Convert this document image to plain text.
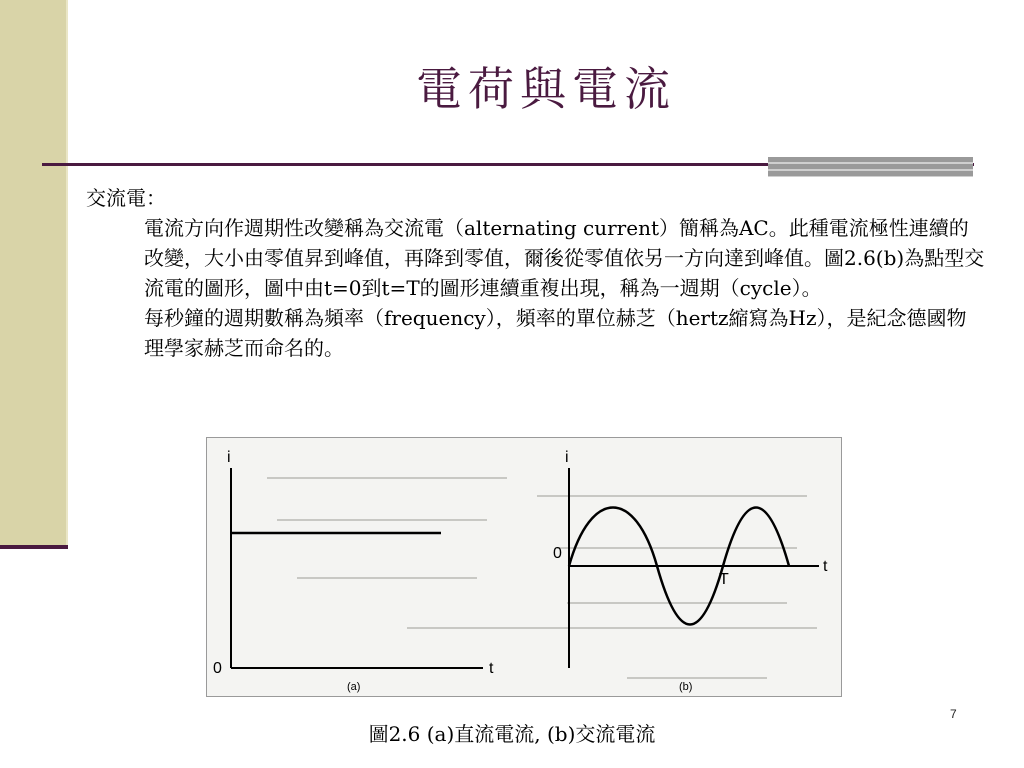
電荷與電流

交流電：

電流方向作週期性改變稱為交流電（alternating current）簡稱為AC。此種電流極性連續的改變，大小由零值昇到峰值，再降到零值，爾後從零值依另一方向達到峰值。圖2.6(b)為點型交流電的圖形，圖中由t=0到t=T的圖形連續重複出現，稱為一週期（cycle）。

每秒鐘的週期數稱為頻率（frequency），頻率的單位赫芝（hertz縮寫為Hz），是紀念德國物理學家赫芝而命名的。

i
0	t
(a)
i
0
t
T
(b)
圖2.6 (a)直流電流, (b)交流電流
7
